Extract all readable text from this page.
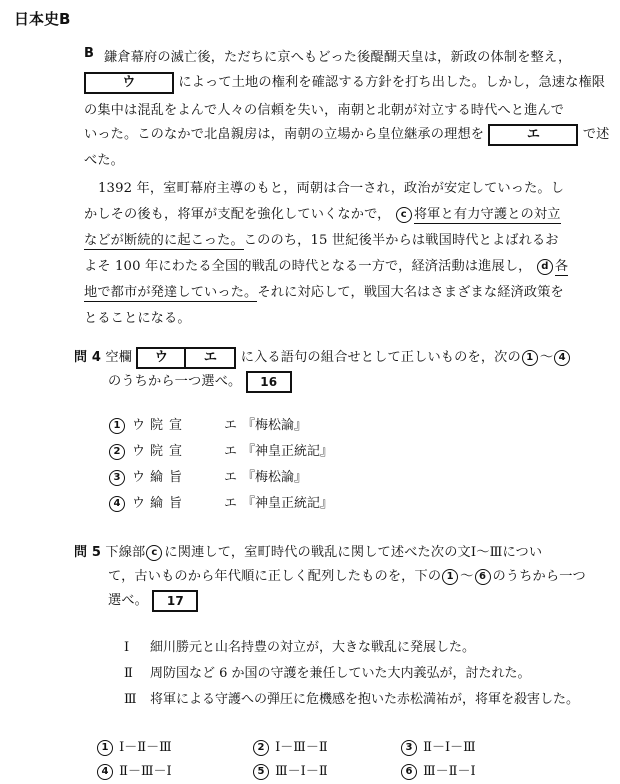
日本史B
B 鎌倉幕府の滅亡後，ただちに京へもどった後醍醐天皇は，新政の体制を整え，
ウ	によって土地の権利を確認する方針を打ち出した。しかし，急速な権限
の集中は混乱をよんで人々の信頼を失い，南朝と北朝が対立する時代へと進んで
いった。このなかで北畠親房は，南朝の立場から皇位継承の理想を	エ	で述
べた。
1392 年，室町幕府主導のもと，両朝は合一され，政治が安定していった。し
かしその後も，将軍が支配を強化していくなかで， c 将軍と有力守護との対立
などが断続的に起こった。こののち，15 世紀後半からは戦国時代とよばれるお
よそ 100 年にわたる全国的戦乱の時代となる一方で，経済活動は進展し， d 各
地で都市が発達していった。それに対応して，戦国大名はさまざまな経済政策を
とることになる。
問 4 空欄 ウ	エ に入る語句の組合せとして正しいものを，次の 1 ～ 4
のうちから一つ選べ。 16
1 ウ 院宣	エ 『梅松論』
2 ウ 院宣	エ 『神皇正統記』
3 ウ 綸旨	エ 『梅松論』
4 ウ 綸旨	エ 『神皇正統記』
問 5 下線部 c に関連して，室町時代の戦乱に関して述べた次の文Ⅰ～Ⅲについ
て，古いものから年代順に正しく配列したものを，下の 1 ～ 6 のうちから一つ
選べ。 17
Ⅰ 細川勝元と山名持豊の対立が，大きな戦乱に発展した。
Ⅱ 周防国など 6 か国の守護を兼任していた大内義弘が，討たれた。
Ⅲ 将軍による守護への弾圧に危機感を抱いた赤松満祐が，将軍を殺害した。
1 Ⅰ－Ⅱ－Ⅲ	2 Ⅰ－Ⅲ－Ⅱ	3 Ⅱ－Ⅰ－Ⅲ
4 Ⅱ－Ⅲ－Ⅰ	5 Ⅲ－Ⅰ－Ⅱ	6 Ⅲ－Ⅱ－Ⅰ
